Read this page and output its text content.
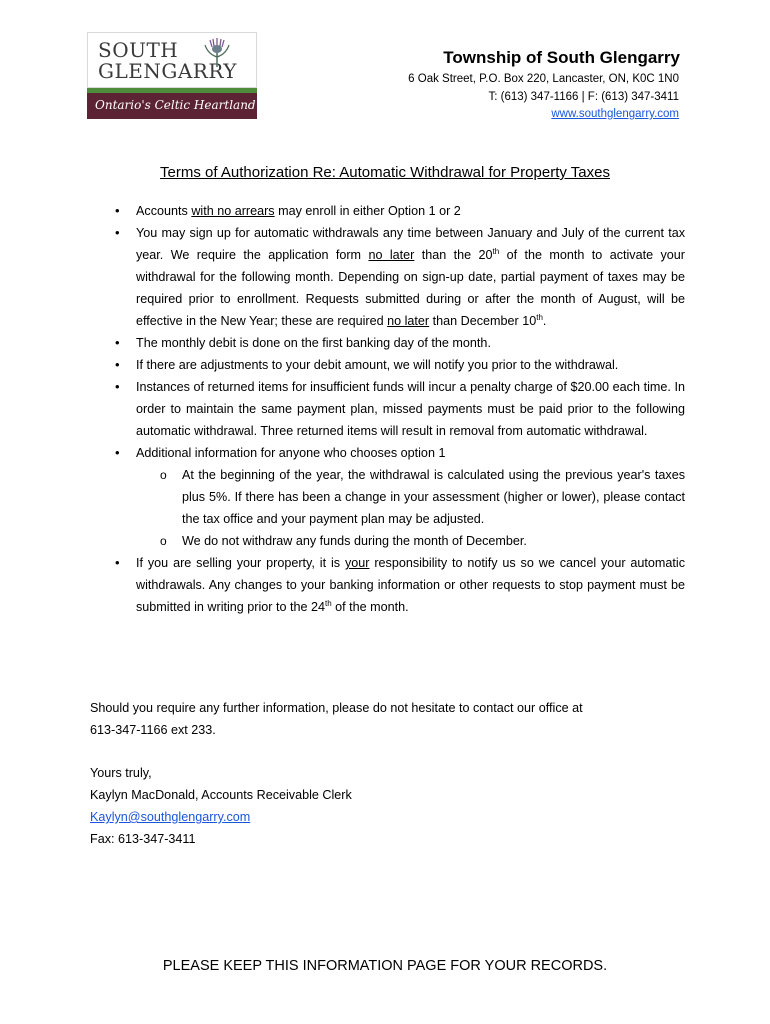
SOUTH
GLENGARRY
Ontario's Celtic Heartland
Township of South Glengarry
6 Oak Street, P.O. Box 220, Lancaster, ON, K0C 1N0
T: (613) 347-1166 | F: (613) 347-3411
www.southglengarry.com
Terms of Authorization Re: Automatic Withdrawal for Property Taxes
• Accounts with no arrears may enroll in either Option 1 or 2
• You may sign up for automatic withdrawals any time between January and July of the current tax year. We require the application form no later than the 20th of the month to activate your withdrawal for the following month. Depending on sign-up date, partial payment of taxes may be required prior to enrollment. Requests submitted during or after the month of August, will be effective in the New Year; these are required no later than December 10th.
• The monthly debit is done on the first banking day of the month.
• If there are adjustments to your debit amount, we will notify you prior to the withdrawal.
• Instances of returned items for insufficient funds will incur a penalty charge of $20.00 each time. In order to maintain the same payment plan, missed payments must be paid prior to the following automatic withdrawal. Three returned items will result in removal from automatic withdrawal.
• Additional information for anyone who chooses option 1
o At the beginning of the year, the withdrawal is calculated using the previous year's taxes plus 5%. If there has been a change in your assessment (higher or lower), please contact the tax office and your payment plan may be adjusted.
o We do not withdraw any funds during the month of December.
• If you are selling your property, it is your responsibility to notify us so we cancel your automatic withdrawals. Any changes to your banking information or other requests to stop payment must be submitted in writing prior to the 24th of the month.

Should you require any further information, please do not hesitate to contact our office at

613-347-1166 ext 233.

Yours truly,
Kaylyn MacDonald, Accounts Receivable Clerk
Kaylyn@southglengarry.com
Fax: 613-347-3411
PLEASE KEEP THIS INFORMATION PAGE FOR YOUR RECORDS.
